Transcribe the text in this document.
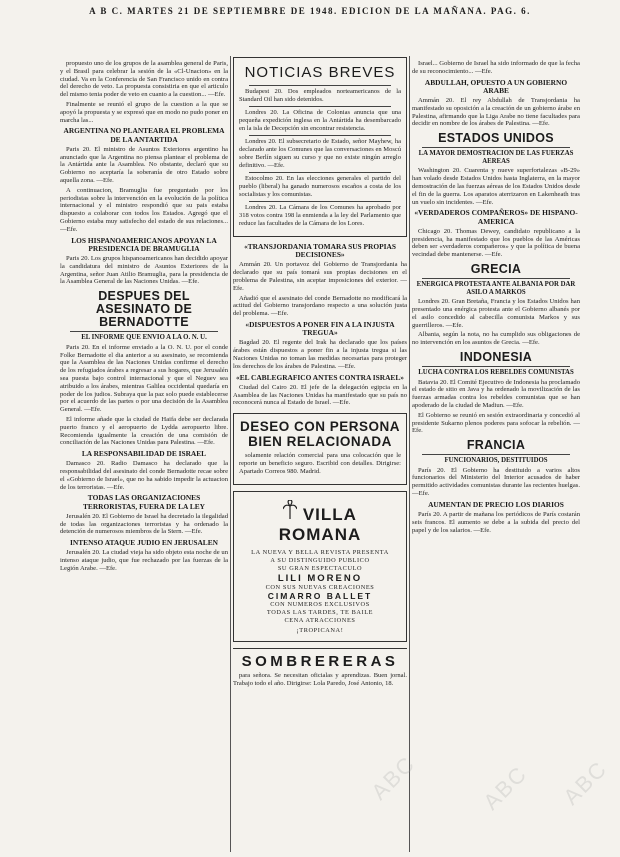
A B C. MARTES 21 DE SEPTIEMBRE DE 1948. EDICION DE LA MAÑANA. PAG. 6.

propuesto uno de los grupos de la asamblea general de Paris, y el Brasil para celebrar la sesión de la «Cl-Unacion» en la ciudad. Va en la Conferencia de San Francisco unido en contra del derecho de veto. La propuesta consistiria en que el articulo del mismo tenia poder de veto en cuanto a la cuestion... —Efe.

Finalmente se reunió el grupo de la cuestion a la que se apoyó la propuesta y se expresó que en modo no pudo poner en marcha las...

ARGENTINA NO PLANTEARA EL PROBLEMA DE LA ANTARTIDA

Paris 20. El ministro de Asuntos Exteriores argentino ha anunciado que la Argentina no piensa plantear el problema de la Antártida ante la Asamblea. No obstante, declaró que su Gobierno no aceptaría la soberanía de otro Estado sobre aquella zona. —Efe.

A continuacion, Bramuglia fue preguntado por los periodistas sobre la intervención en la evolución de la política internacional y el ministro respondió que su pais estaba dispuesto a colaborar con todos los Estados. Agregó que el Gobierno estaba muy satisfecho del estado de sus relaciones... —Efe.

LOS HISPANOAMERICANOS APOYAN LA PRESIDENCIA DE BRAMUGLIA

Paris 20. Los grupos hispanoamericanos han decidido apoyar la candidatura del ministro de Asuntos Exteriores de la Argentina, señor Juan Atilio Bramuglia, para la presidencia de la Asamblea General de las Naciones Unidas. —Efe.

DESPUES DEL ASESINATO DE BERNADOTTE
EL INFORME QUE ENVIO A LA O. N. U.

Paris 20. En el informe enviado a la O. N. U. por el conde Folke Bernadotte el dia anterior a su asesinato, se recomienda que la Asamblea de las Naciones Unidas confirme el derecho de los refugiados árabes a regresar a sus hogares, que Jerusalén sea puesta bajo control internacional y que el Neguev sea atribuido a los árabes, mientras Galilea occidental quedaría en poder de los judios. Subraya que la paz solo puede establecerse por el acuerdo de las partes o por una decisión de la Asamblea General. —Efe.

El informe añade que la ciudad de Haifa debe ser declarada puerto franco y el aeropuerto de Lydda aeropuerto libre. Recomienda igualmente la creación de una comisión de conciliación de las Naciones Unidas para Palestina. —Efe.

LA RESPONSABILIDAD DE ISRAEL

Damasco 20. Radio Damasco ha declarado que la responsabilidad del asesinato del conde Bernadotte recae sobre el «Gobierno de Israel», que no ha sabido impedir la actuacion de los terroristas. —Efe.

TODAS LAS ORGANIZACIONES TERRORISTAS, FUERA DE LA LEY

Jerusalén 20. El Gobierno de Israel ha decretado la ilegalidad de todas las organizaciones terroristas y ha ordenado la detención de numerosos miembros de la Stern. —Efe.

INTENSO ATAQUE JUDIO EN JERUSALEN

Jerusalén 20. La ciudad vieja ha sido objeto esta noche de un intenso ataque judio, que fue rechazado por las fuerzas de la Legión Arabe. —Efe.

NOTICIAS BREVES

Budapest 20. Dos empleados norteamericanos de la Standard Oil han sido detenidos.

Londres 20. La Oficina de Colonias anuncia que una pequeña expedición inglesa en la Antártida ha desembarcado en la isla de Decepción sin encontrar resistencia.

Londres 20. El subsecretario de Estado, señor Mayhew, ha declarado ante los Comunes que las conversaciones en Moscú sobre Berlín siguen su curso y que no existe ningún arreglo definitivo. —Efe.

Estocolmo 20. En las elecciones generales el partido del pueblo (liberal) ha ganado numerosos escaños a costa de los socialistas y los comunistas.

Londres 20. La Cámara de los Comunes ha aprobado por 318 votos contra 198 la enmienda a la ley del Parlamento que reduce las facultades de la Cámara de los Lores.

«TRANSJORDANIA TOMARA SUS PROPIAS DECISIONES»

Ammán 20. Un portavoz del Gobierno de Transjordania ha declarado que su país tomará sus propias decisiones en el problema de Palestina, sin aceptar imposiciones del exterior. —Efe.

Añadió que el asesinato del conde Bernadotte no modificará la actitud del Gobierno transjordano respecto a una solución justa del problema. —Efe.

«DISPUESTOS A PONER FIN A LA INJUSTA TREGUA»

Bagdad 20. El regente del Irak ha declarado que los países árabes están dispuestos a poner fin a la injusta tregua si las Naciones Unidas no toman las medidas necesarias para proteger los derechos de los árabes de Palestina. —Efe.

«EL CABLEGRAFICO ANTES CONTRA ISRAEL»

Ciudad del Cairo 20. El jefe de la delegación egipcia en la Asamblea de las Naciones Unidas ha manifestado que su país no reconocerá nunca al Estado de Israel. —Efe.

DESEO CON PERSONA BIEN RELACIONADA

solamente relación comercial para una colocación que le reporte un beneficio seguro. Escribid con detalles. Dirigirse: Apartado Correos 980. Madrid.

VILLA ROMANA
LA NUEVA Y BELLA REVISTA PRESENTA
A SU DISTINGUIDO PUBLICO
SU GRAN ESPECTACULO
LILI MORENO
CON SUS NUEVAS CREACIONES
CIMARRO BALLET
CON NUMEROS EXCLUSIVOS
TODAS LAS TARDES, TE BAILE
CENA ATRACCIONES
¡TROPICANA!
SOMBRERERAS

para señora. Se necesitan oficialas y aprendizas. Buen jornal. Trabajo todo el año. Dirigirse: Lola Paredo, José Antonio, 18.

Israel... Gobierno de Israel ha sido informado de que la fecha de su reconocimiento... —Efe.

ABDULLAH, OPUESTO A UN GOBIERNO ARABE

Ammán 20. El rey Abdullah de Transjordania ha manifestado su oposición a la creación de un gobierno árabe en Palestina, afirmando que la Liga Arabe no tiene facultades para decidir en nombre de los árabes de Palestina. —Efe.

ESTADOS UNIDOS
LA MAYOR DEMOSTRACION DE LAS FUERZAS AEREAS

Washington 20. Cuarenta y nueve superfortalezas «B-29» han volado desde Estados Unidos hasta Inglaterra, en la mayor demostración de las fuerzas aéreas de los Estados Unidos desde el fin de la guerra. Los aparatos aterrizaron en Lakenheath tras un vuelo sin incidentes. —Efe.

«VERDADEROS COMPAÑEROS» DE HISPANO-AMERICA

Chicago 20. Thomas Dewey, candidato republicano a la presidencia, ha manifestado que los pueblos de las Américas deben ser «verdaderos compañeros» y que la política de buena vecindad debe mantenerse. —Efe.

GRECIA
ENERGICA PROTESTA ANTE ALBANIA POR DAR ASILO A MARKOS

Londres 20. Gran Bretaña, Francia y los Estados Unidos han presentado una enérgica protesta ante el Gobierno albanés por el asilo concedido al cabecilla comunista Markos y sus guerrilleros. —Efe.

Albania, según la nota, no ha cumplido sus obligaciones de no intervención en los asuntos de Grecia. —Efe.

INDONESIA
LUCHA CONTRA LOS REBELDES COMUNISTAS

Batavia 20. El Comité Ejecutivo de Indonesia ha proclamado el estado de sitio en Java y ha ordenado la movilización de las fuerzas armadas contra los rebeldes comunistas que se han apoderado de la ciudad de Madiun. —Efe.

El Gobierno se reunió en sesión extraordinaria y concedió al presidente Sukarno plenos poderes para sofocar la rebelión. —Efe.

FRANCIA
FUNCIONARIOS, DESTITUIDOS

París 20. El Gobierno ha destituido a varios altos funcionarios del Ministerio del Interior acusados de haber permitido actividades comunistas durante las recientes huelgas. —Efe.

AUMENTAN DE PRECIO LOS DIARIOS

París 20. A partir de mañana los periódicos de París costarán seis francos. El aumento se debe a la subida del precio del papel y de los salarios. —Efe.

ABC	ABC ABC
